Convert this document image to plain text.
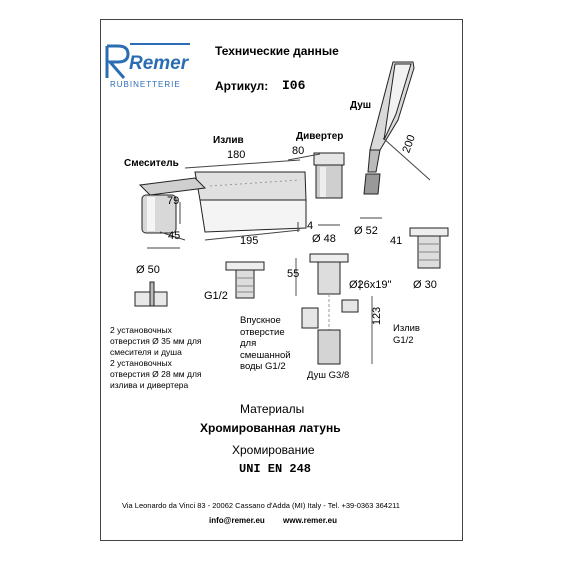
Remer
RUBINETTERIE
Технические данные
Артикул: I06
Смеситель
Излив	Дивертер
Душ
180	80	200
79
45	195
4
Ø 48
Ø 52
41
Ø 50	55
Ø26x19" Ø 30
123
G1/2
2 установочных
отверстия Ø 35 мм для
смесителя и душа
2 установочных
отверстия Ø 28 мм для
излива и дивертера
Впускное
отверстие
для
смешанной
воды G1/2
Душ G3/8
Излив
G1/2
Материалы
Хромированная латунь
Хромирование
UNI EN 248
Via Leonardo da Vinci 83 - 20062 Cassano d'Adda (MI) Italy - Tel. +39-0363 364211
info@remer.eu www.remer.eu
